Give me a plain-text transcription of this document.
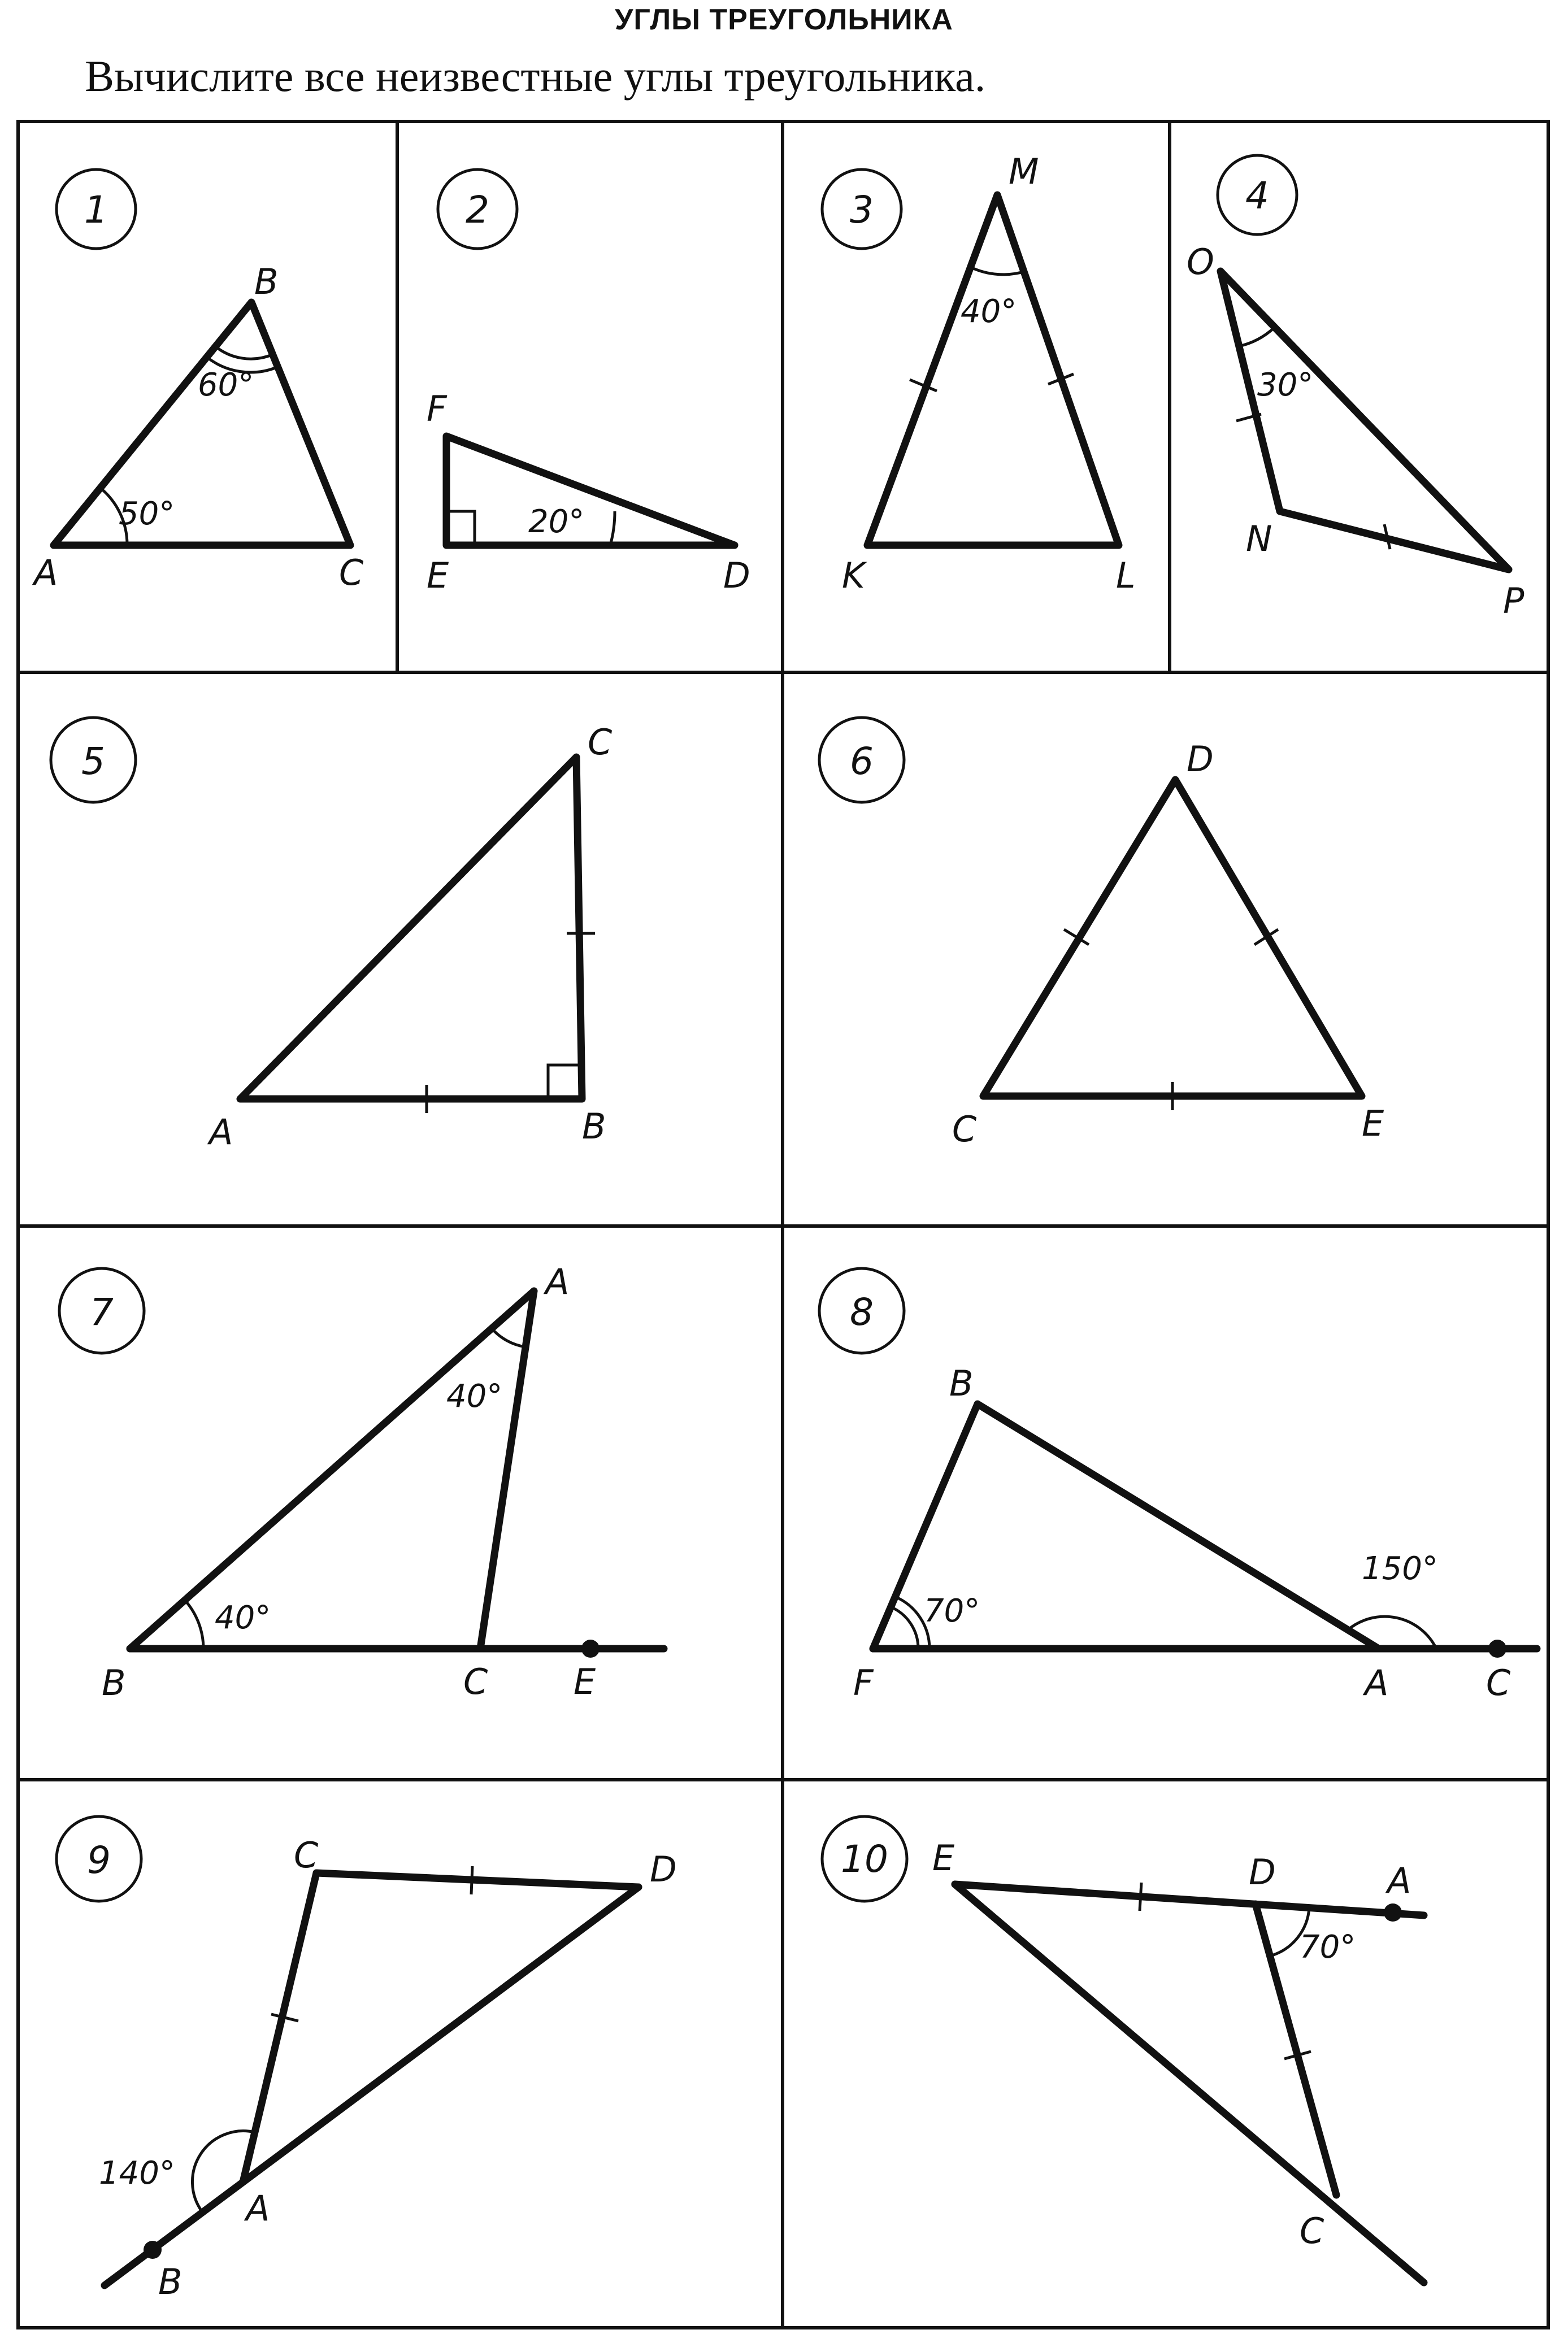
УГЛЫ ТРЕУГОЛЬНИКА
Вычислите все неизвестные углы треугольника.
1
A
B
C
50°
60°
2
F
E	D
20°
3
M
K	L
40°
4
O
N
P
30°
5	C
A	B
6	D
C	E
7
A
B	C E
40°
40°
8
B
F	A	C
70°
150°
9	C	D
A
B
140°
10 E	D	A
C
70°
